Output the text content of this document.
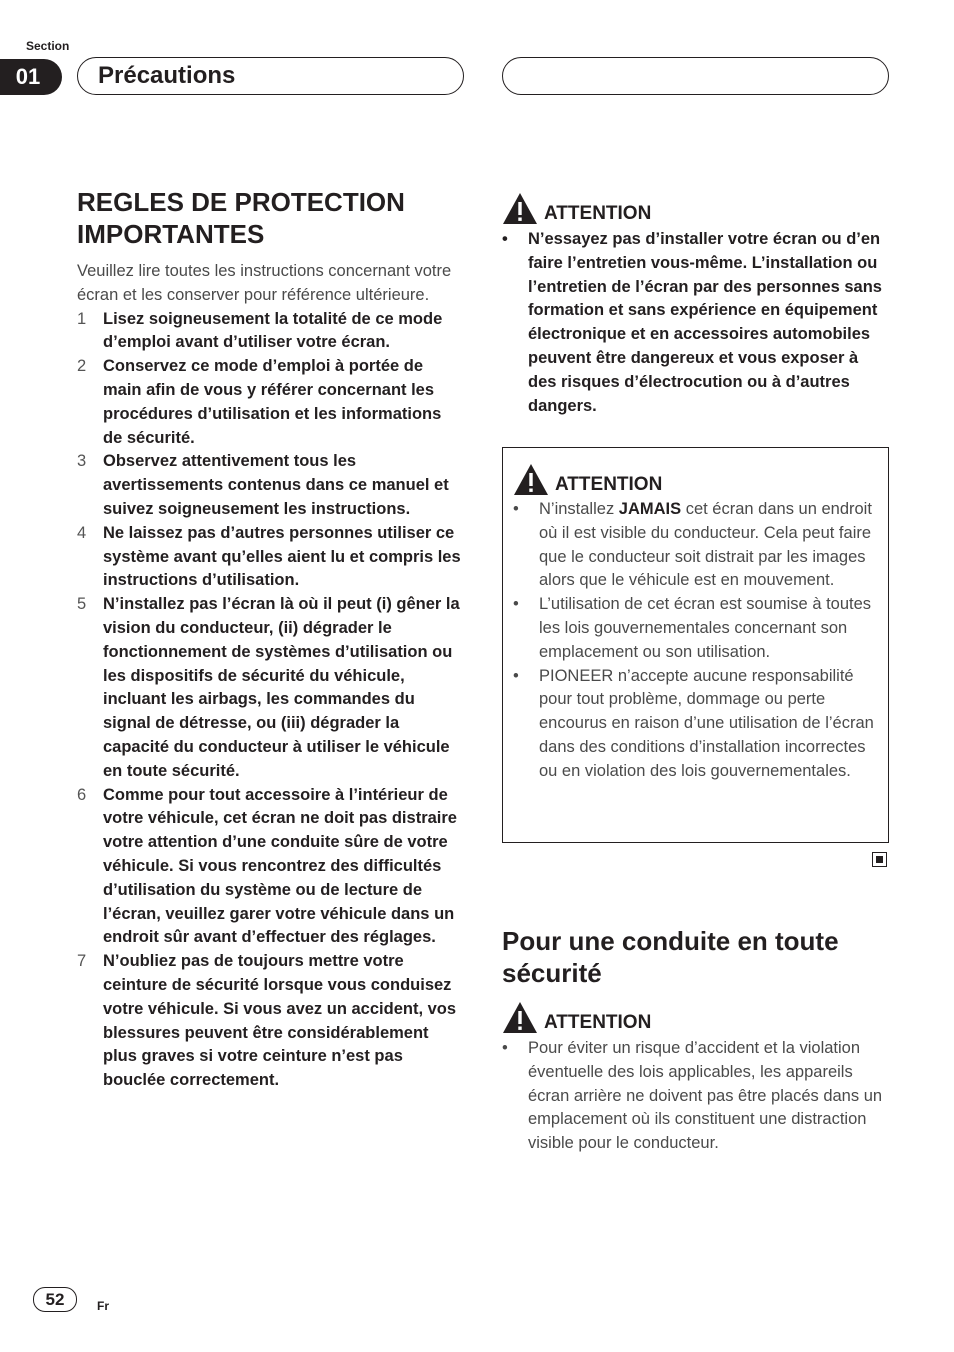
Section
01	Précautions
REGLES DE PROTECTION IMPORTANTES

Veuillez lire toutes les instructions concernant votre écran et les conserver pour référence ultérieure.

1 Lisez soigneusement la totalité de ce mode d’emploi avant d’utiliser votre écran.
2 Conservez ce mode d’emploi à portée de main afin de vous y référer concernant les procédures d’utilisation et les informations de sécurité.
3 Observez attentivement tous les avertissements contenus dans ce manuel et suivez soigneusement les instructions.
4 Ne laissez pas d’autres personnes utiliser ce système avant qu’elles aient lu et compris les instructions d’utilisation.
5 N’installez pas l’écran là où il peut (i) gêner la vision du conducteur, (ii) dégrader le fonctionnement de systèmes d’utilisation ou les dispositifs de sécurité du véhicule, incluant les airbags, les commandes du signal de détresse, ou (iii) dégrader la capacité du conducteur à utiliser le véhicule en toute sécurité.
6 Comme pour tout accessoire à l’intérieur de votre véhicule, cet écran ne doit pas distraire votre attention d’une conduite sûre de votre véhicule. Si vous rencontrez des difficultés d’utilisation du système ou de lecture de l’écran, veuillez garer votre véhicule dans un endroit sûr avant d’effectuer des réglages.
7 N’oubliez pas de toujours mettre votre ceinture de sécurité lorsque vous conduisez votre véhicule. Si vous avez un accident, vos blessures peuvent être considérablement plus graves si votre ceinture n’est pas bouclée correctement.
ATTENTION
• N’essayez pas d’installer votre écran ou d’en faire l’entretien vous-même. L’installation ou l’entretien de l’écran par des personnes sans formation et sans expérience en équipement électronique et en accessoires automobiles peuvent être dangereux et vous exposer à des risques d’électrocution ou à d’autres dangers.
ATTENTION
• N’installez JAMAIS cet écran dans un endroit où il est visible du conducteur. Cela peut faire que le conducteur soit distrait par les images alors que le véhicule est en mouvement.
• L’utilisation de cet écran est soumise à toutes les lois gouvernementales concernant son emplacement ou son utilisation.
• PIONEER n’accepte aucune responsabilité pour tout problème, dommage ou perte encourus en raison d’une utilisation de l’écran dans des conditions d’installation incorrectes ou en violation des lois gouvernementales.
Pour une conduite en toute sécurité
ATTENTION
• Pour éviter un risque d’accident et la violation éventuelle des lois applicables, les appareils écran arrière ne doivent pas être placés dans un emplacement où ils constituent une distraction visible pour le conducteur.
52	Fr
